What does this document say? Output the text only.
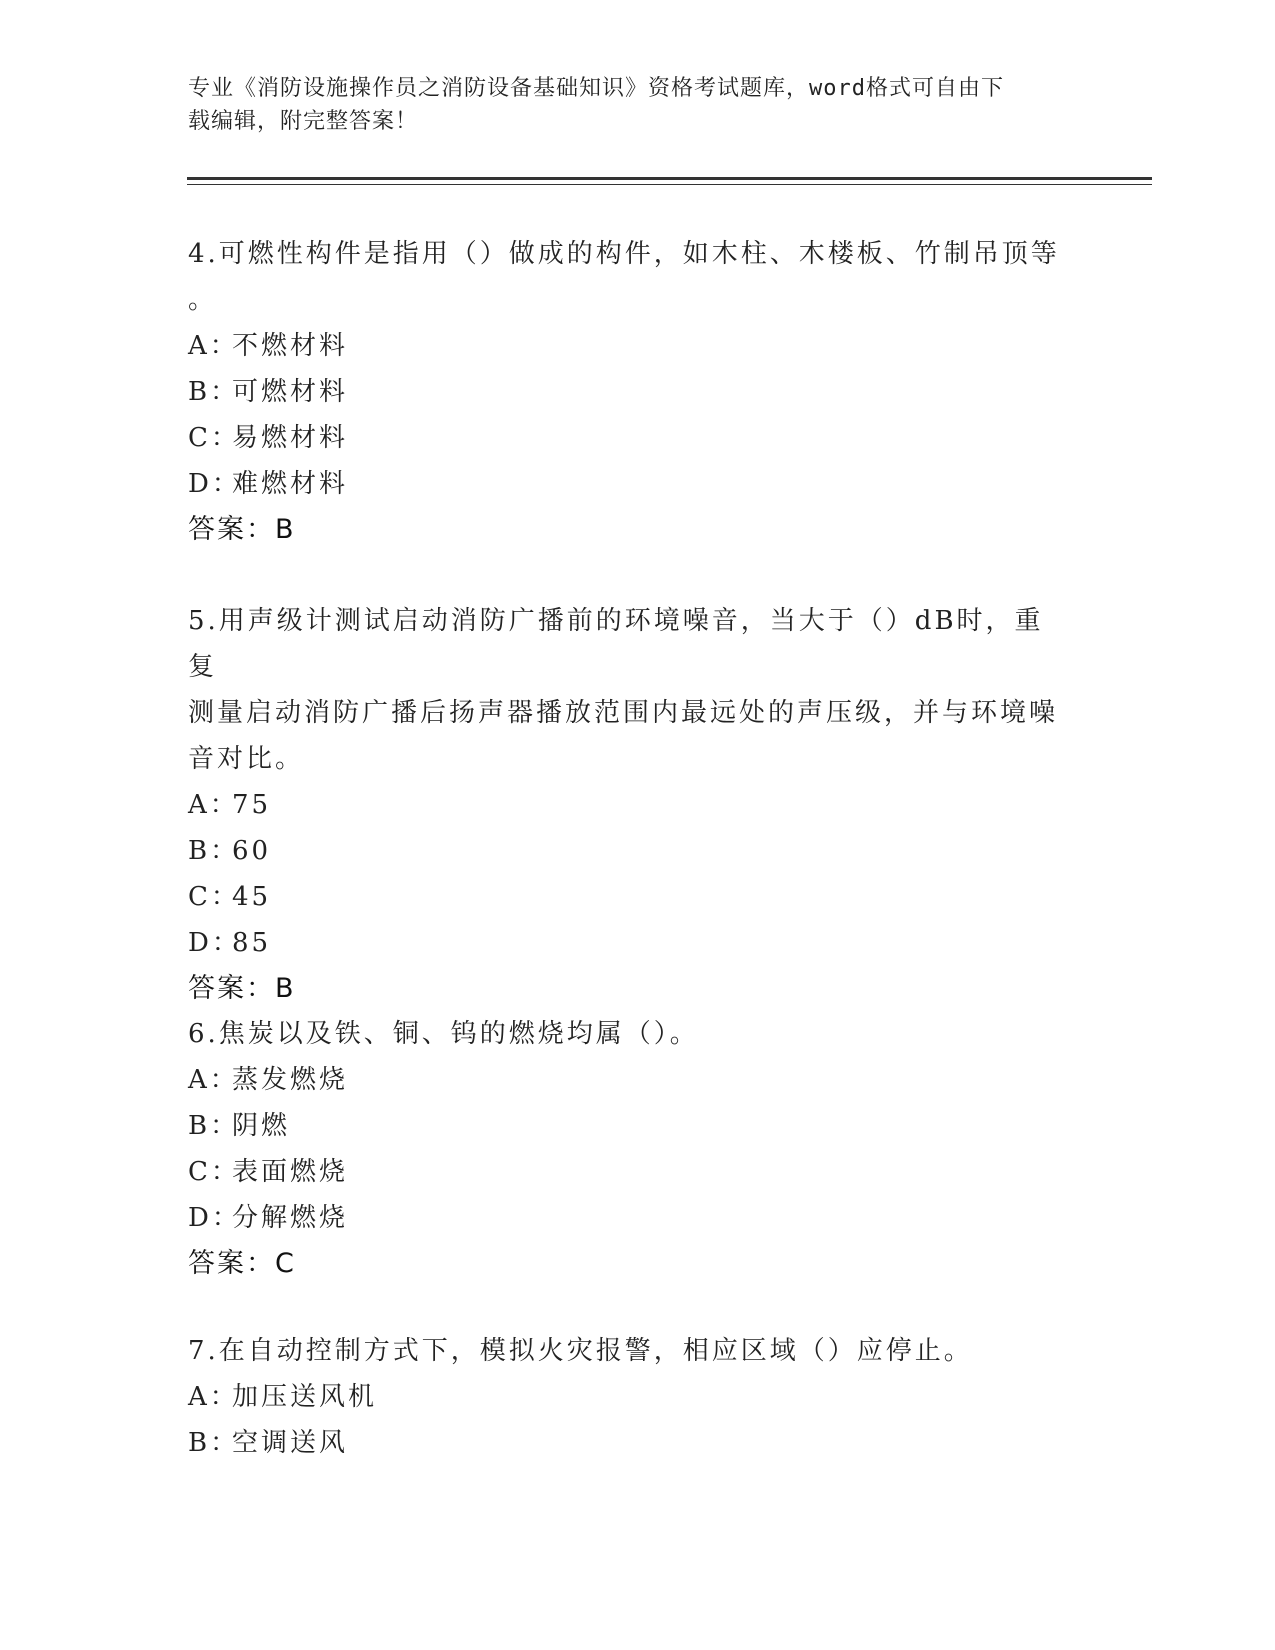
专业《消防设施操作员之消防设备基础知识》资格考试题库，word格式可自由下
载编辑，附完整答案！

4.可燃性构件是指用（）做成的构件，如木柱、木楼板、竹制吊顶等

。

A：不燃材料

B：可燃材料

C：易燃材料

D：难燃材料

答案：B

5.用声级计测试启动消防广播前的环境噪音，当大于（）dB时，重复

测量启动消防广播后扬声器播放范围内最远处的声压级，并与环境噪

音对比。

A：75

B：60

C：45

D：85

答案：B

6.焦炭以及铁、铜、钨的燃烧均属（）。

A：蒸发燃烧

B：阴燃

C：表面燃烧

D：分解燃烧

答案：C

7.在自动控制方式下，模拟火灾报警，相应区域（）应停止。

A：加压送风机

B：空调送风
